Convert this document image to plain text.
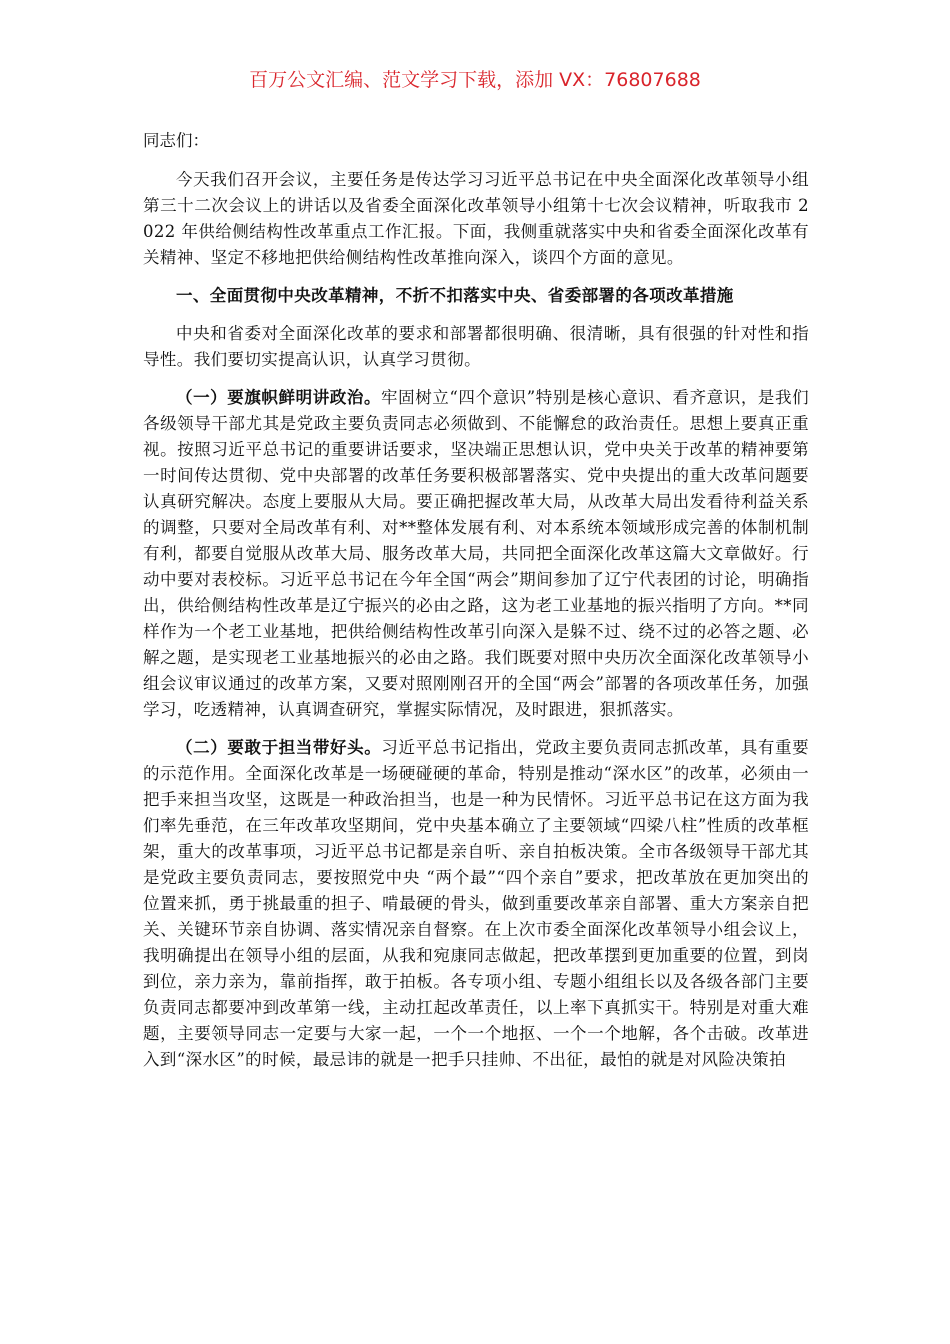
百万公文汇编、范文学习下载，添加 VX：76807688
同志们：

今天我们召开会议，主要任务是传达学习习近平总书记在中央全面深化改革领导小组第三十二次会议上的讲话以及省委全面深化改革领导小组第十七次会议精神，听取我市 2022 年供给侧结构性改革重点工作汇报。下面，我侧重就落实中央和省委全面深化改革有关精神、坚定不移地把供给侧结构性改革推向深入，谈四个方面的意见。

一、全面贯彻中央改革精神，不折不扣落实中央、省委部署的各项改革措施

中央和省委对全面深化改革的要求和部署都很明确、很清晰，具有很强的针对性和指导性。我们要切实提高认识，认真学习贯彻。

（一）要旗帜鲜明讲政治。牢固树立“四个意识”特别是核心意识、看齐意识，是我们各级领导干部尤其是党政主要负责同志必须做到、不能懈怠的政治责任。思想上要真正重视。按照习近平总书记的重要讲话要求，坚决端正思想认识，党中央关于改革的精神要第一时间传达贯彻、党中央部署的改革任务要积极部署落实、党中央提出的重大改革问题要认真研究解决。态度上要服从大局。要正确把握改革大局，从改革大局出发看待利益关系的调整，只要对全局改革有利、对**整体发展有利、对本系统本领域形成完善的体制机制有利，都要自觉服从改革大局、服务改革大局，共同把全面深化改革这篇大文章做好。行动中要对表校标。习近平总书记在今年全国“两会”期间参加了辽宁代表团的讨论，明确指出，供给侧结构性改革是辽宁振兴的必由之路，这为老工业基地的振兴指明了方向。**同样作为一个老工业基地，把供给侧结构性改革引向深入是躲不过、绕不过的必答之题、必解之题，是实现老工业基地振兴的必由之路。我们既要对照中央历次全面深化改革领导小组会议审议通过的改革方案，又要对照刚刚召开的全国“两会”部署的各项改革任务，加强学习，吃透精神，认真调查研究，掌握实际情况，及时跟进，狠抓落实。

（二）要敢于担当带好头。习近平总书记指出，党政主要负责同志抓改革，具有重要的示范作用。全面深化改革是一场硬碰硬的革命，特别是推动“深水区”的改革，必须由一把手来担当攻坚，这既是一种政治担当，也是一种为民情怀。习近平总书记在这方面为我们率先垂范，在三年改革攻坚期间，党中央基本确立了主要领域“四梁八柱”性质的改革框架，重大的改革事项，习近平总书记都是亲自听、亲自拍板决策。全市各级领导干部尤其是党政主要负责同志，要按照党中央 “两个最”“四个亲自”要求，把改革放在更加突出的位置来抓，勇于挑最重的担子、啃最硬的骨头，做到重要改革亲自部署、重大方案亲自把关、关键环节亲自协调、落实情况亲自督察。在上次市委全面深化改革领导小组会议上，我明确提出在领导小组的层面，从我和宛康同志做起，把改革摆到更加重要的位置，到岗到位，亲力亲为，靠前指挥，敢于拍板。各专项小组、专题小组组长以及各级各部门主要负责同志都要冲到改革第一线，主动扛起改革责任，以上率下真抓实干。特别是对重大难题，主要领导同志一定要与大家一起，一个一个地抠、一个一个地解，各个击破。改革进入到“深水区”的时候，最忌讳的就是一把手只挂帅、不出征，最怕的就是对风险决策拍
